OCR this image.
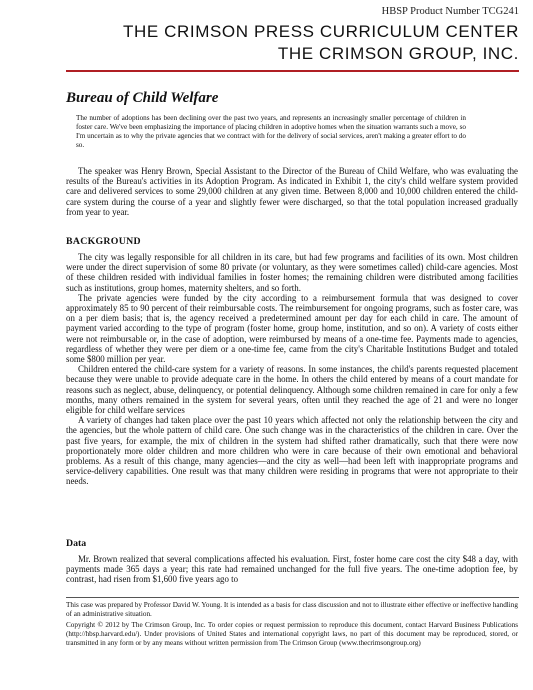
HBSP Product Number TCG241
THE CRIMSON PRESS CURRICULUM CENTER
THE CRIMSON GROUP, INC.
Bureau of Child Welfare
The number of adoptions has been declining over the past two years, and represents an increasingly smaller percentage of children in foster care. We've been emphasizing the importance of placing children in adoptive homes when the situation warrants such a move, so I'm uncertain as to why the private agencies that we contract with for the delivery of social services, aren't making a greater effort to do so.

The speaker was Henry Brown, Special Assistant to the Director of the Bureau of Child Welfare, who was evaluating the results of the Bureau's activities in its Adoption Program. As indicated in Exhibit 1, the city's child welfare system provided care and delivered services to some 29,000 children at any given time. Between 8,000 and 10,000 children entered the child-care system during the course of a year and slightly fewer were discharged, so that the total population increased gradually from year to year.

BACKGROUND

The city was legally responsible for all children in its care, but had few programs and facilities of its own. Most children were under the direct supervision of some 80 private (or voluntary, as they were sometimes called) child-care agencies. Most of these children resided with individual families in foster homes; the remaining children were distributed among facilities such as institutions, group homes, maternity shelters, and so forth.

The private agencies were funded by the city according to a reimbursement formula that was designed to cover approximately 85 to 90 percent of their reimbursable costs. The reimbursement for ongoing programs, such as foster care, was on a per diem basis; that is, the agency received a predetermined amount per day for each child in care. The amount of payment varied according to the type of program (foster home, group home, institution, and so on). A variety of costs either were not reimbursable or, in the case of adoption, were reimbursed by means of a one-time fee. Payments made to agencies, regardless of whether they were per diem or a one-time fee, came from the city's Charitable Institutions Budget and totaled some $800 million per year.

Children entered the child-care system for a variety of reasons. In some instances, the child's parents requested placement because they were unable to provide adequate care in the home. In others the child entered by means of a court mandate for reasons such as neglect, abuse, delinquency, or potential delinquency. Although some children remained in care for only a few months, many others remained in the system for several years, often until they reached the age of 21 and were no longer eligible for child welfare services

A variety of changes had taken place over the past 10 years which affected not only the relationship between the city and the agencies, but the whole pattern of child care. One such change was in the characteristics of the children in care. Over the past five years, for example, the mix of children in the system had shifted rather dramatically, such that there were now proportionately more older children and more children who were in care because of their own emotional and behavioral problems. As a result of this change, many agencies—and the city as well—had been left with inappropriate programs and service-delivery capabilities. One result was that many children were residing in programs that were not appropriate to their needs.

Data

Mr. Brown realized that several complications affected his evaluation. First, foster home care cost the city $48 a day, with payments made 365 days a year; this rate had remained unchanged for the full five years. The one-time adoption fee, by contrast, had risen from $1,600 five years ago to

This case was prepared by Professor David W. Young. It is intended as a basis for class discussion and not to illustrate either effective or ineffective handling of an administrative situation.

Copyright © 2012 by The Crimson Group, Inc. To order copies or request permission to reproduce this document, contact Harvard Business Publications (http://hbsp.harvard.edu/). Under provisions of United States and international copyright laws, no part of this document may be reproduced, stored, or transmitted in any form or by any means without written permission from The Crimson Group (www.thecrimsongroup.org)
